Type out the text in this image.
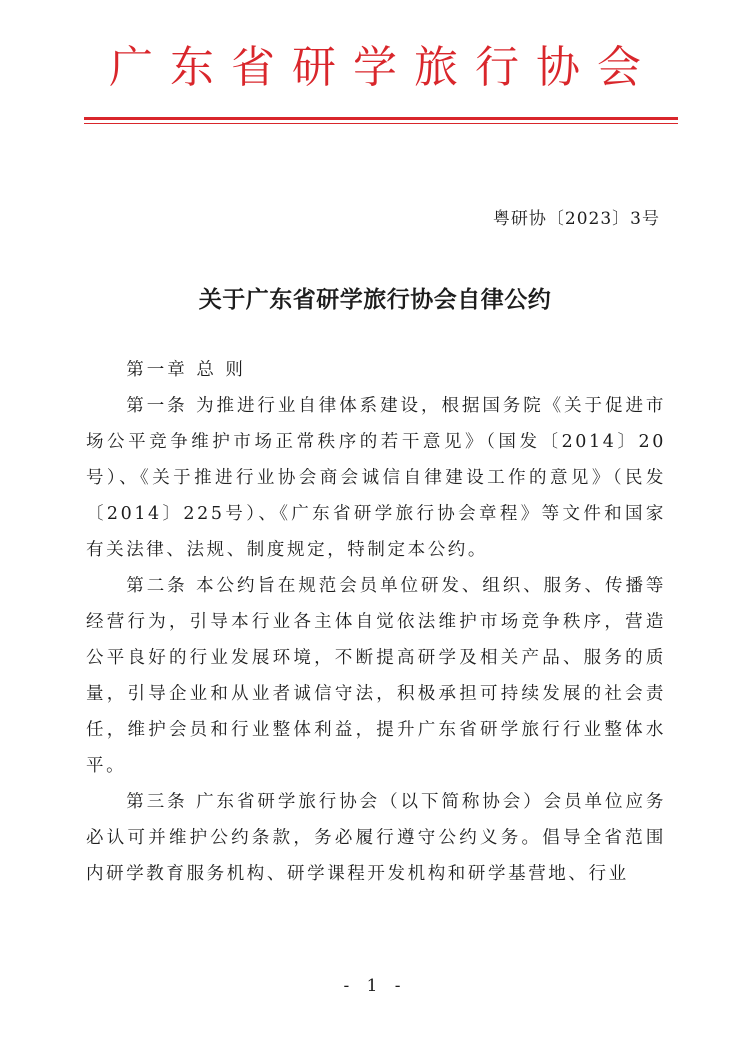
广东省研学旅行协会
粤研协〔2023〕3号
关于广东省研学旅行协会自律公约

第一章 总 则

第一条 为推进行业自律体系建设，根据国务院《关于促进市场公平竞争维护市场正常秩序的若干意见》（国发〔2014〕20号）、《关于推进行业协会商会诚信自律建设工作的意见》（民发〔2014〕225号）、《广东省研学旅行协会章程》等文件和国家有关法律、法规、制度规定，特制定本公约。

第二条 本公约旨在规范会员单位研发、组织、服务、传播等经营行为，引导本行业各主体自觉依法维护市场竞争秩序，营造公平良好的行业发展环境，不断提高研学及相关产品、服务的质量，引导企业和从业者诚信守法，积极承担可持续发展的社会责任，维护会员和行业整体利益，提升广东省研学旅行行业整体水平。

第三条 广东省研学旅行协会（以下简称协会）会员单位应务必认可并维护公约条款，务必履行遵守公约义务。倡导全省范围内研学教育服务机构、研学课程开发机构和研学基营地、行业

- 1 -
